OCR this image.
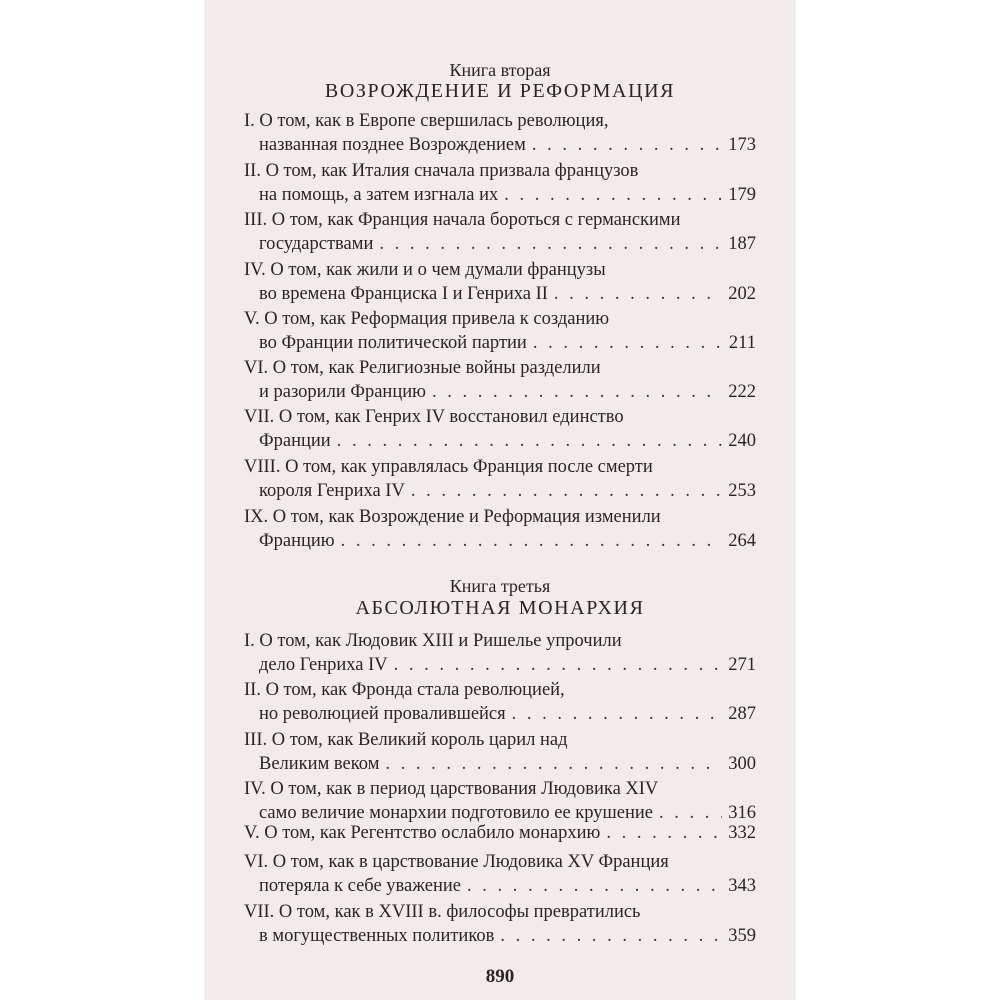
Книга вторая
ВОЗРОЖДЕНИЕ И РЕФОРМАЦИЯ
I. О том, как в Европе свершилась революция,
названная позднее Возрождением . . .	173
II. О том, как Италия сначала призвала французов
на помощь, а затем изгнала их . . .	179
III. О том, как Франция начала бороться с германскими
государствами . . .	187
IV. О том, как жили и о чем думали французы
во времена Франциска I и Генриха II . . .	202
V. О том, как Реформация привела к созданию
во Франции политической партии . . .	211
VI. О том, как Религиозные войны разделили
и разорили Францию . . .	222
VII. О том, как Генрих IV восстановил единство
Франции . . .	240
VIII. О том, как управлялась Франция после смерти
короля Генриха IV . . .	253
IX. О том, как Возрождение и Реформация изменили
Францию . . .	264
Книга третья
АБСОЛЮТНАЯ МОНАРХИЯ
I. О том, как Людовик XIII и Ришелье упрочили
дело Генриха IV . . .	271
II. О том, как Фронда стала революцией,
но революцией провалившейся . . .	287
III. О том, как Великий король царил над
Великим веком . . .	300
IV. О том, как в период царствования Людовика XIV
само величие монархии подготовило ее крушение . . .	316
V. О том, как Регентство ослабило монархию . . .	332
VI. О том, как в царствование Людовика XV Франция
потеряла к себе уважение . . .	343
VII. О том, как в XVIII в. философы превратились
в могущественных политиков . . .	359
890
